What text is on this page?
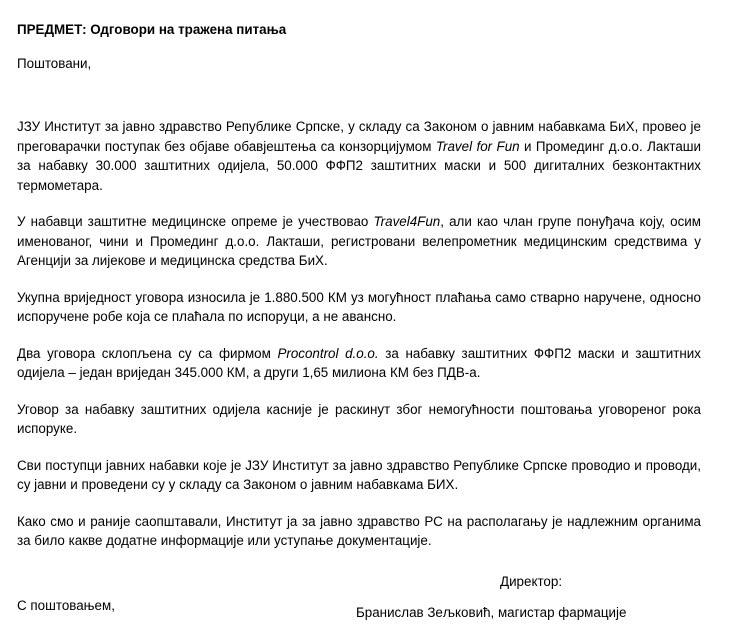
ПРЕДМЕТ: Одговори на тражена питања

Поштовани,

ЈЗУ Институт за јавно здравство Републике Српске, у складу са Законом о јавним набавкама БиХ, провео је преговарачки поступак без објаве обавјештења са конзорцијумом Travel for Fun и Промединг д.о.о. Лакташи за набавку 30.000 заштитних одијела, 50.000 ФФП2 заштитних маски и 500 дигиталних безконтактних термометара.

У набавци заштитне медицинске опреме је учествовао Travel4Fun, али као члан групе понуђача коју, осим именованог, чини и Промединг д.о.о. Лакташи, регистровани велепрометник медицинским средствима у Агенцији за лијекове и медицинска средства БиХ.

Укупна вриједност уговора износила је 1.880.500 КМ уз могућност плаћања само стварно наручене, односно испоручене робе која се плаћала по испоруци, а не авансно.

Два уговора склопљена су са фирмом Procontrol d.o.o. за набавку заштитних ФФП2 маски и заштитних одијела – један вриједан 345.000 КМ, а други 1,65 милиона КМ без ПДВ-а.

Уговор за набавку заштитних одијела касније је раскинут због немогућности поштовања уговореног рока испоруке.

Сви поступци јавних набавки које је ЈЗУ Институт за јавно здравство Републике Српске проводио и проводи, су јавни и проведени су у складу са Законом о јавним набавкама БИХ.

Како смо и раније саопштавали, Институт ја за јавно здравство РС на располагању је надлежним органима за било какве додатне информације или уступање документације.

С поштовањем,

Директор:

Бранислав Зељковић, магистар фармације
